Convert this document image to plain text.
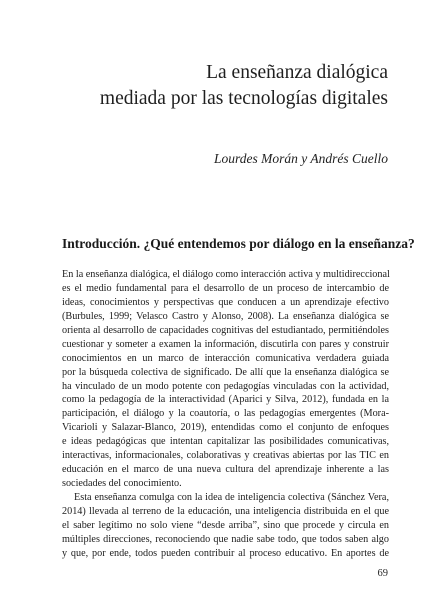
La enseñanza dialógica
mediada por las tecnologías digitales
Lourdes Morán y Andrés Cuello
Introducción. ¿Qué entendemos por diálogo en la enseñanza?
En la enseñanza dialógica, el diálogo como interacción activa y multidireccional
es el medio fundamental para el desarrollo de un proceso de intercambio de
ideas, conocimientos y perspectivas que conducen a un aprendizaje efectivo
(Burbules, 1999; Velasco Castro y Alonso, 2008). La enseñanza dialógica se
orienta al desarrollo de capacidades cognitivas del estudiantado, permitiéndoles
cuestionar y someter a examen la información, discutirla con pares y construir
conocimientos en un marco de interacción comunicativa verdadera guiada
por la búsqueda colectiva de significado. De allí que la enseñanza dialógica se
ha vinculado de un modo potente con pedagogías vinculadas con la actividad,
como la pedagogía de la interactividad (Aparici y Silva, 2012), fundada en la
participación, el diálogo y la coautoría, o las pedagogías emergentes (Mora-
Vicarioli y Salazar-Blanco, 2019), entendidas como el conjunto de enfoques
e ideas pedagógicas que intentan capitalizar las posibilidades comunicativas,
interactivas, informacionales, colaborativas y creativas abiertas por las TIC en
educación en el marco de una nueva cultura del aprendizaje inherente a las
sociedades del conocimiento.
Esta enseñanza comulga con la idea de inteligencia colectiva (Sánchez Vera,
2014) llevada al terreno de la educación, una inteligencia distribuida en el que
el saber legítimo no solo viene “desde arriba”, sino que procede y circula en
múltiples direcciones, reconociendo que nadie sabe todo, que todos saben algo
y que, por ende, todos pueden contribuir al proceso educativo. En aportes de
69
